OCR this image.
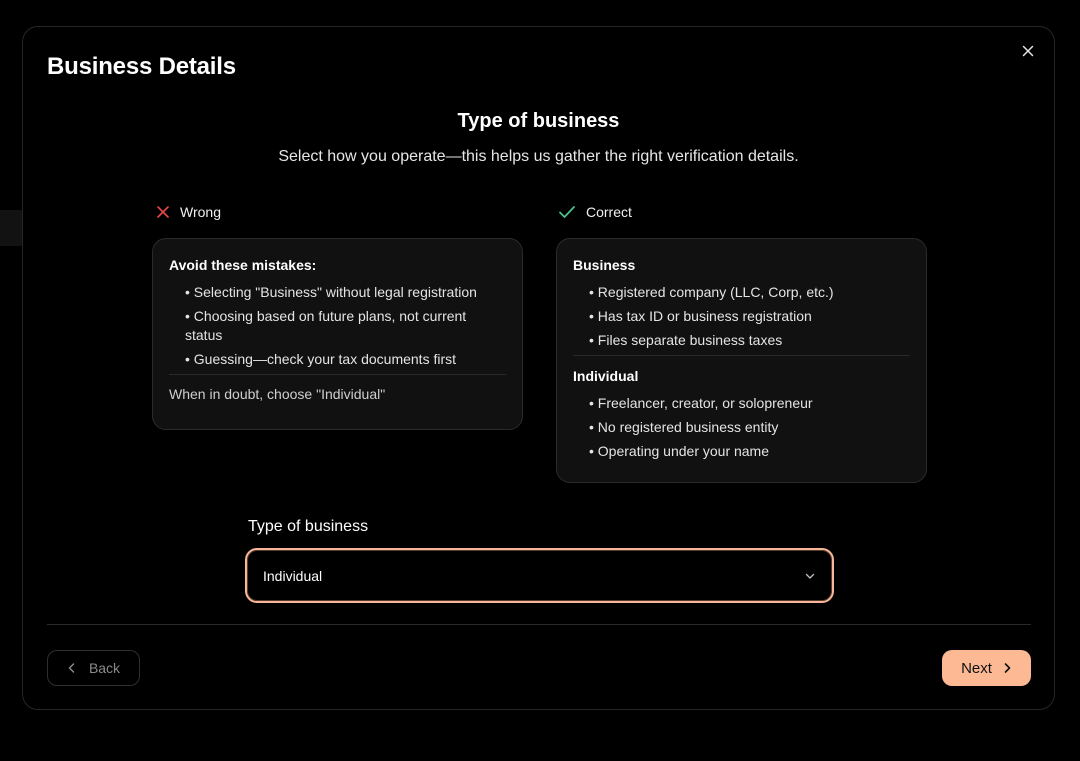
Business Details
Type of business

Select how you operate—this helps us gather the right verification details.

Wrong
Avoid these mistakes:
• Selecting "Business" without legal registration
• Choosing based on future plans, not current status
• Guessing—check your tax documents first
When in doubt, choose "Individual"
Correct
Business
• Registered company (LLC, Corp, etc.)
• Has tax ID or business registration
• Files separate business taxes
Individual
• Freelancer, creator, or solopreneur
• No registered business entity
• Operating under your name
Type of business
Individual
Back	Next
